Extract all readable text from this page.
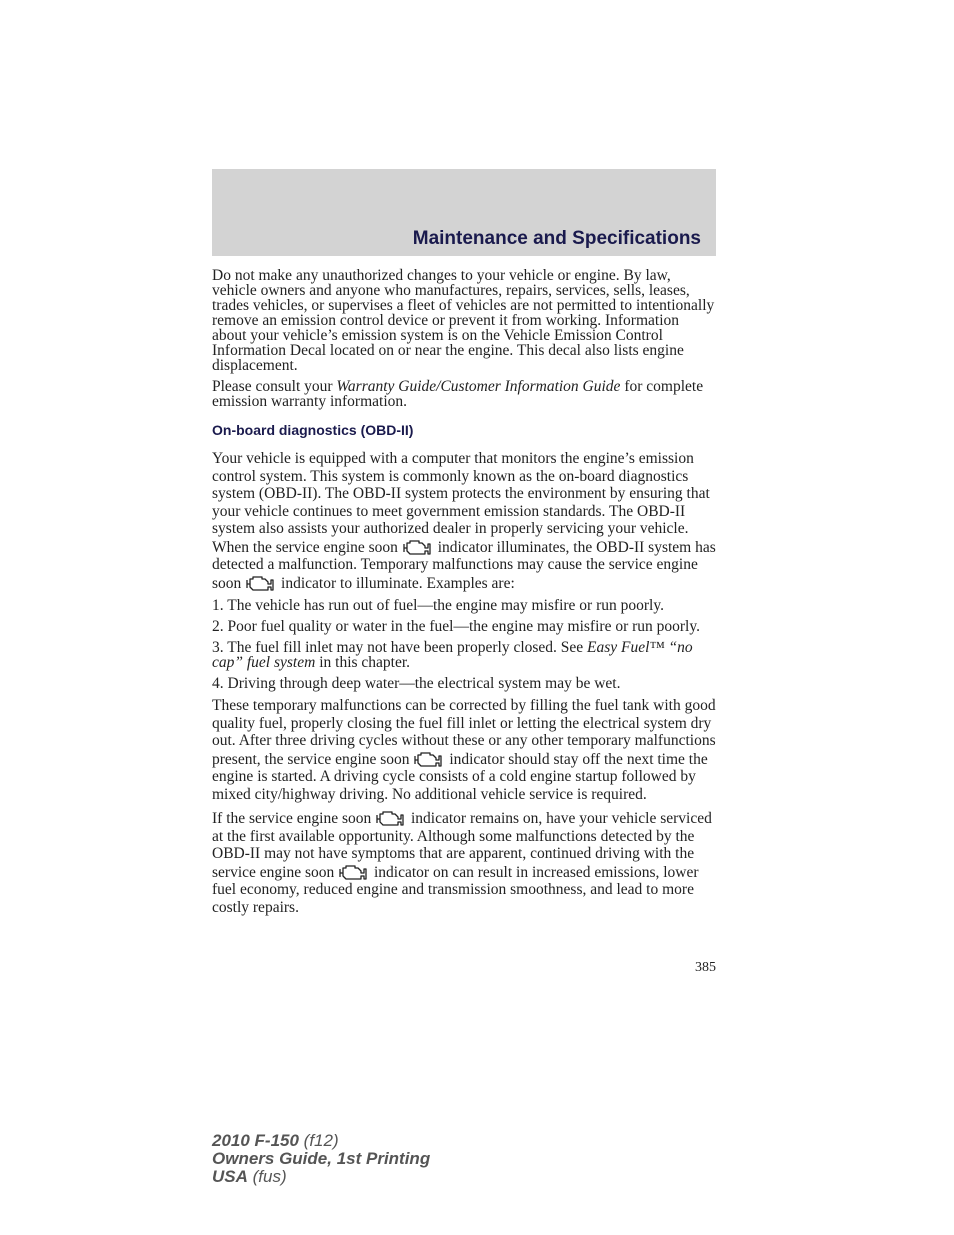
Maintenance and Specifications

Do not make any unauthorized changes to your vehicle or engine. By law, vehicle owners and anyone who manufactures, repairs, services, sells, leases, trades vehicles, or supervises a fleet of vehicles are not permitted to intentionally remove an emission control device or prevent it from working. Information about your vehicle’s emission system is on the Vehicle Emission Control Information Decal located on or near the engine. This decal also lists engine displacement.

Please consult your Warranty Guide/Customer Information Guide for complete emission warranty information.

On-board diagnostics (OBD-II)

Your vehicle is equipped with a computer that monitors the engine’s emission control system. This system is commonly known as the on-board diagnostics system (OBD-II). The OBD-II system protects the environment by ensuring that your vehicle continues to meet government emission standards. The OBD-II system also assists your authorized dealer in properly servicing your vehicle. When the service engine soon
indicator illuminates, the OBD-II system has detected a malfunction. Temporary malfunctions may cause the service engine soon
indicator to illuminate. Examples are:

1. The vehicle has run out of fuel—the engine may misfire or run poorly.

2. Poor fuel quality or water in the fuel—the engine may misfire or run poorly.

3. The fuel fill inlet may not have been properly closed. See Easy Fuel™ “no cap” fuel system in this chapter.

4. Driving through deep water—the electrical system may be wet.

These temporary malfunctions can be corrected by filling the fuel tank with good quality fuel, properly closing the fuel fill inlet or letting the electrical system dry out. After three driving cycles without these or any other temporary malfunctions present, the service engine soon
indicator should stay off the next time the engine is started. A driving cycle consists of a cold engine startup followed by mixed city/highway driving. No additional vehicle service is required.

If the service engine soon
indicator remains on, have your vehicle serviced at the first available opportunity. Although some malfunctions detected by the OBD-II may not have symptoms that are apparent, continued driving with the service engine soon
indicator on can result in increased emissions, lower fuel economy, reduced engine and transmission smoothness, and lead to more costly repairs.

385
2010 F-150 (f12)
Owners Guide, 1st Printing
USA (fus)
